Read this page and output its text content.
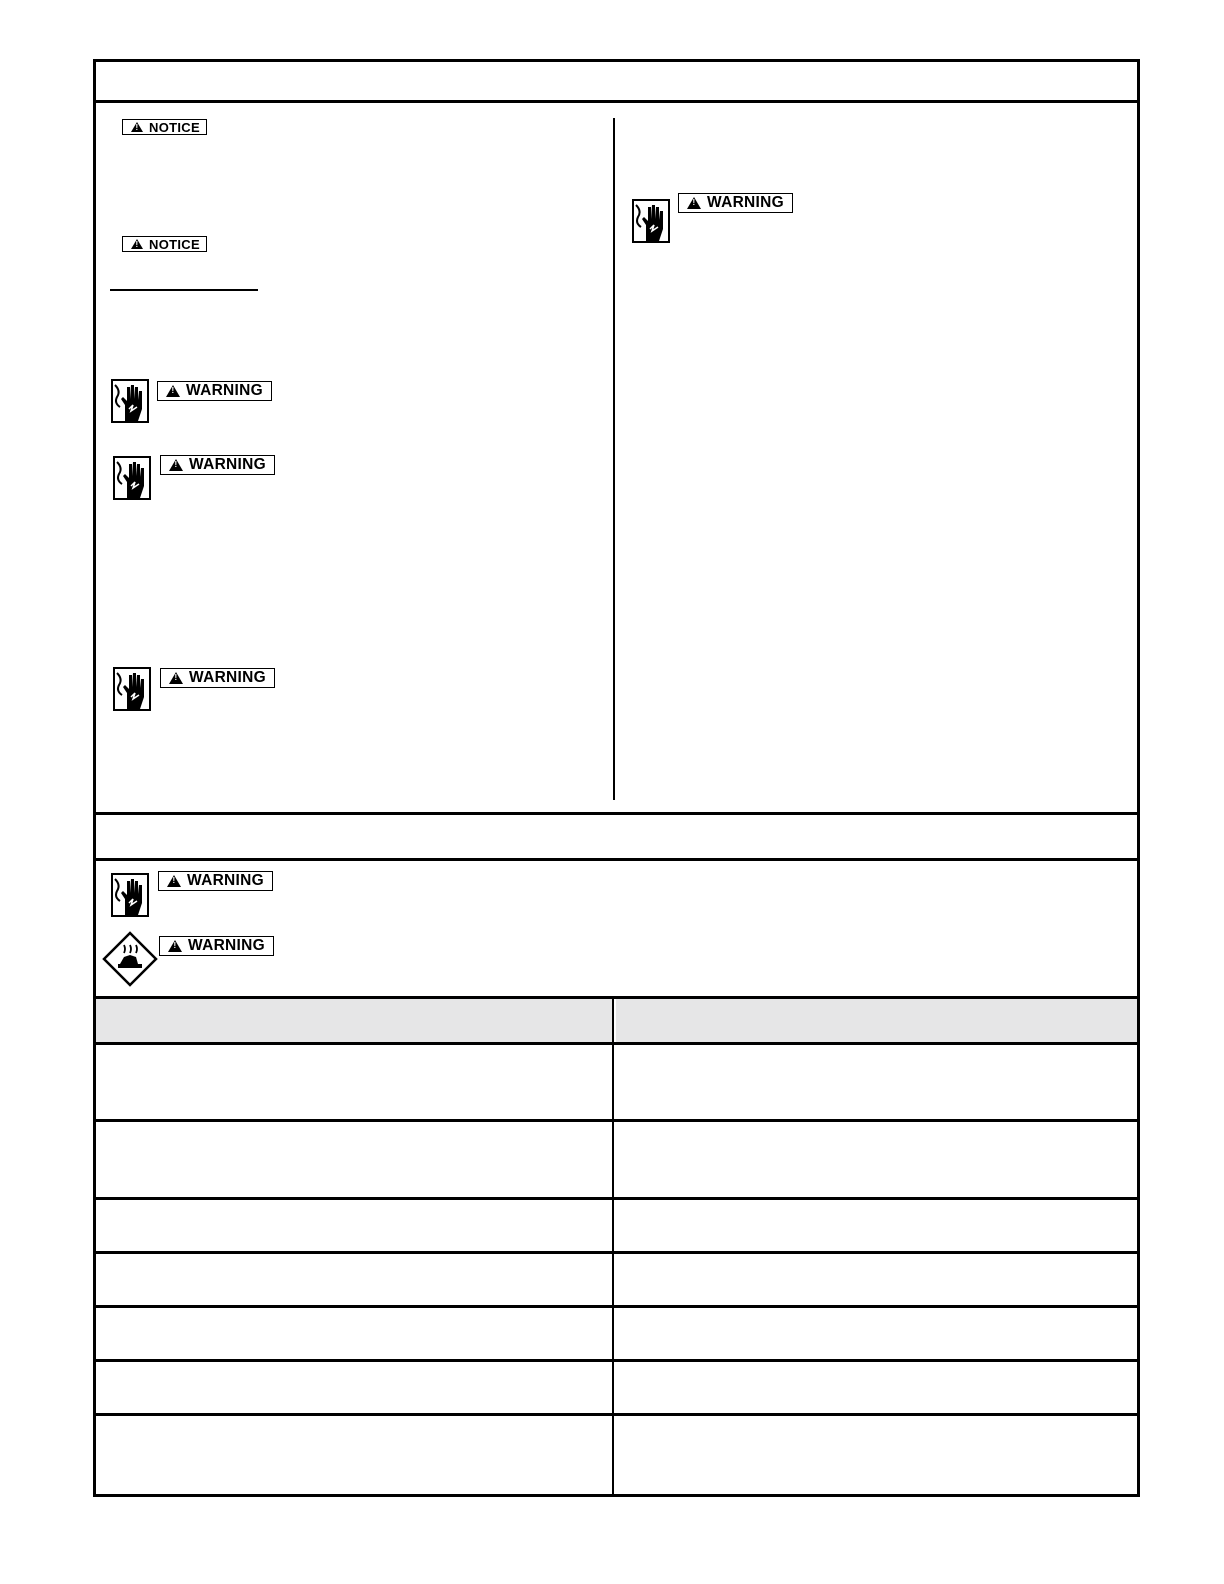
!
NOTICE
!
NOTICE
!
WARNING
!
WARNING
!
WARNING
!
WARNING
!
WARNING
!
WARNING
